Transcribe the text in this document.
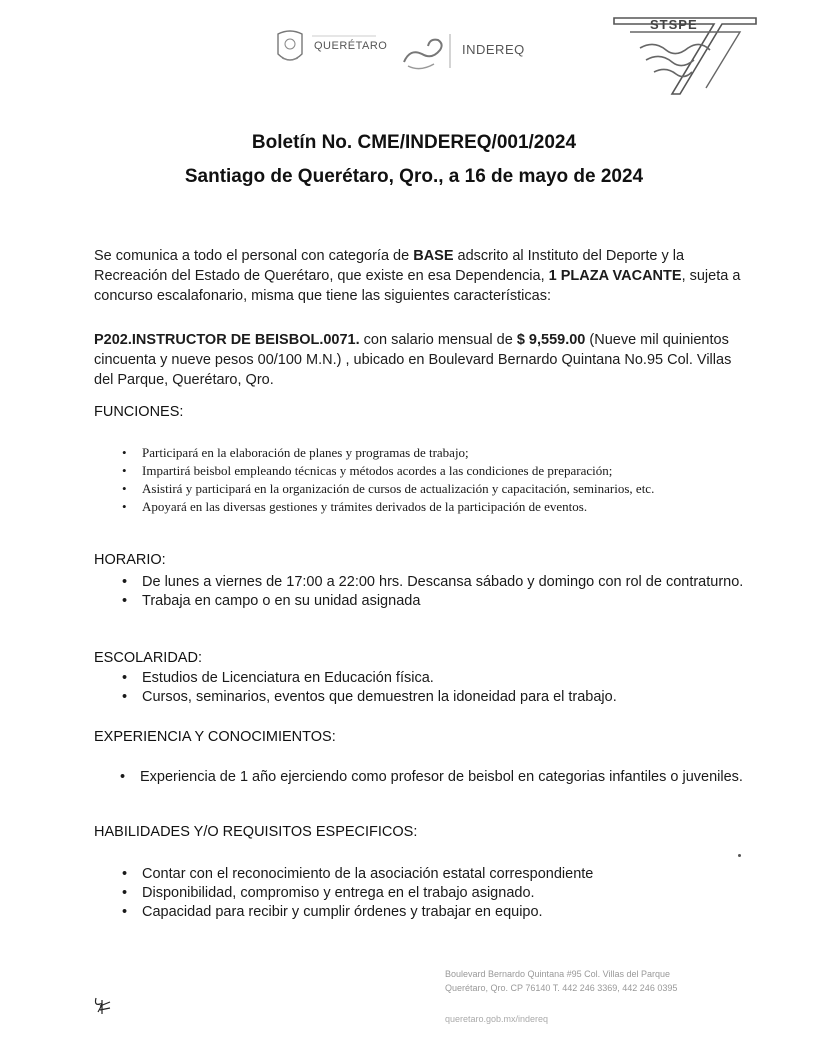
QUERÉTARO	INDEREQ
STSPE
Boletín No. CME/INDEREQ/001/2024
Santiago de Querétaro, Qro., a 16 de mayo de 2024
Se comunica a todo el personal con categoría de BASE adscrito al Instituto del Deporte y la Recreación del Estado de Querétaro, que existe en esa Dependencia, 1 PLAZA VACANTE, sujeta a concurso escalafonario, misma que tiene las siguientes características:
P202.INSTRUCTOR DE BEISBOL.0071. con salario mensual de $ 9,559.00 (Nueve mil quinientos cincuenta y nueve pesos 00/100 M.N.) , ubicado en Boulevard Bernardo Quintana No.95 Col. Villas del Parque, Querétaro, Qro.
FUNCIONES:
• Participará en la elaboración de planes y programas de trabajo;
• Impartirá beisbol empleando técnicas y métodos acordes a las condiciones de preparación;
• Asistirá y participará en la organización de cursos de actualización y capacitación, seminarios, etc.
• Apoyará en las diversas gestiones y trámites derivados de la participación de eventos.
HORARIO:
• De lunes a viernes de 17:00 a 22:00 hrs. Descansa sábado y domingo con rol de contraturno.
• Trabaja en campo o en su unidad asignada
ESCOLARIDAD:
• Estudios de Licenciatura en Educación física.
• Cursos, seminarios, eventos que demuestren la idoneidad para el trabajo.
EXPERIENCIA Y CONOCIMIENTOS:
• Experiencia de 1 año ejerciendo como profesor de beisbol en categorias infantiles o juveniles.
HABILIDADES Y/O REQUISITOS ESPECIFICOS:
• Contar con el reconocimiento de la asociación estatal correspondiente
• Disponibilidad, compromiso y entrega en el trabajo asignado.
• Capacidad para recibir y cumplir órdenes y trabajar en equipo.
Boulevard Bernardo Quintana #95 Col. Villas del Parque
Querétaro, Qro. CP 76140 T. 442 246 3369, 442 246 0395
queretaro.gob.mx/indereq
